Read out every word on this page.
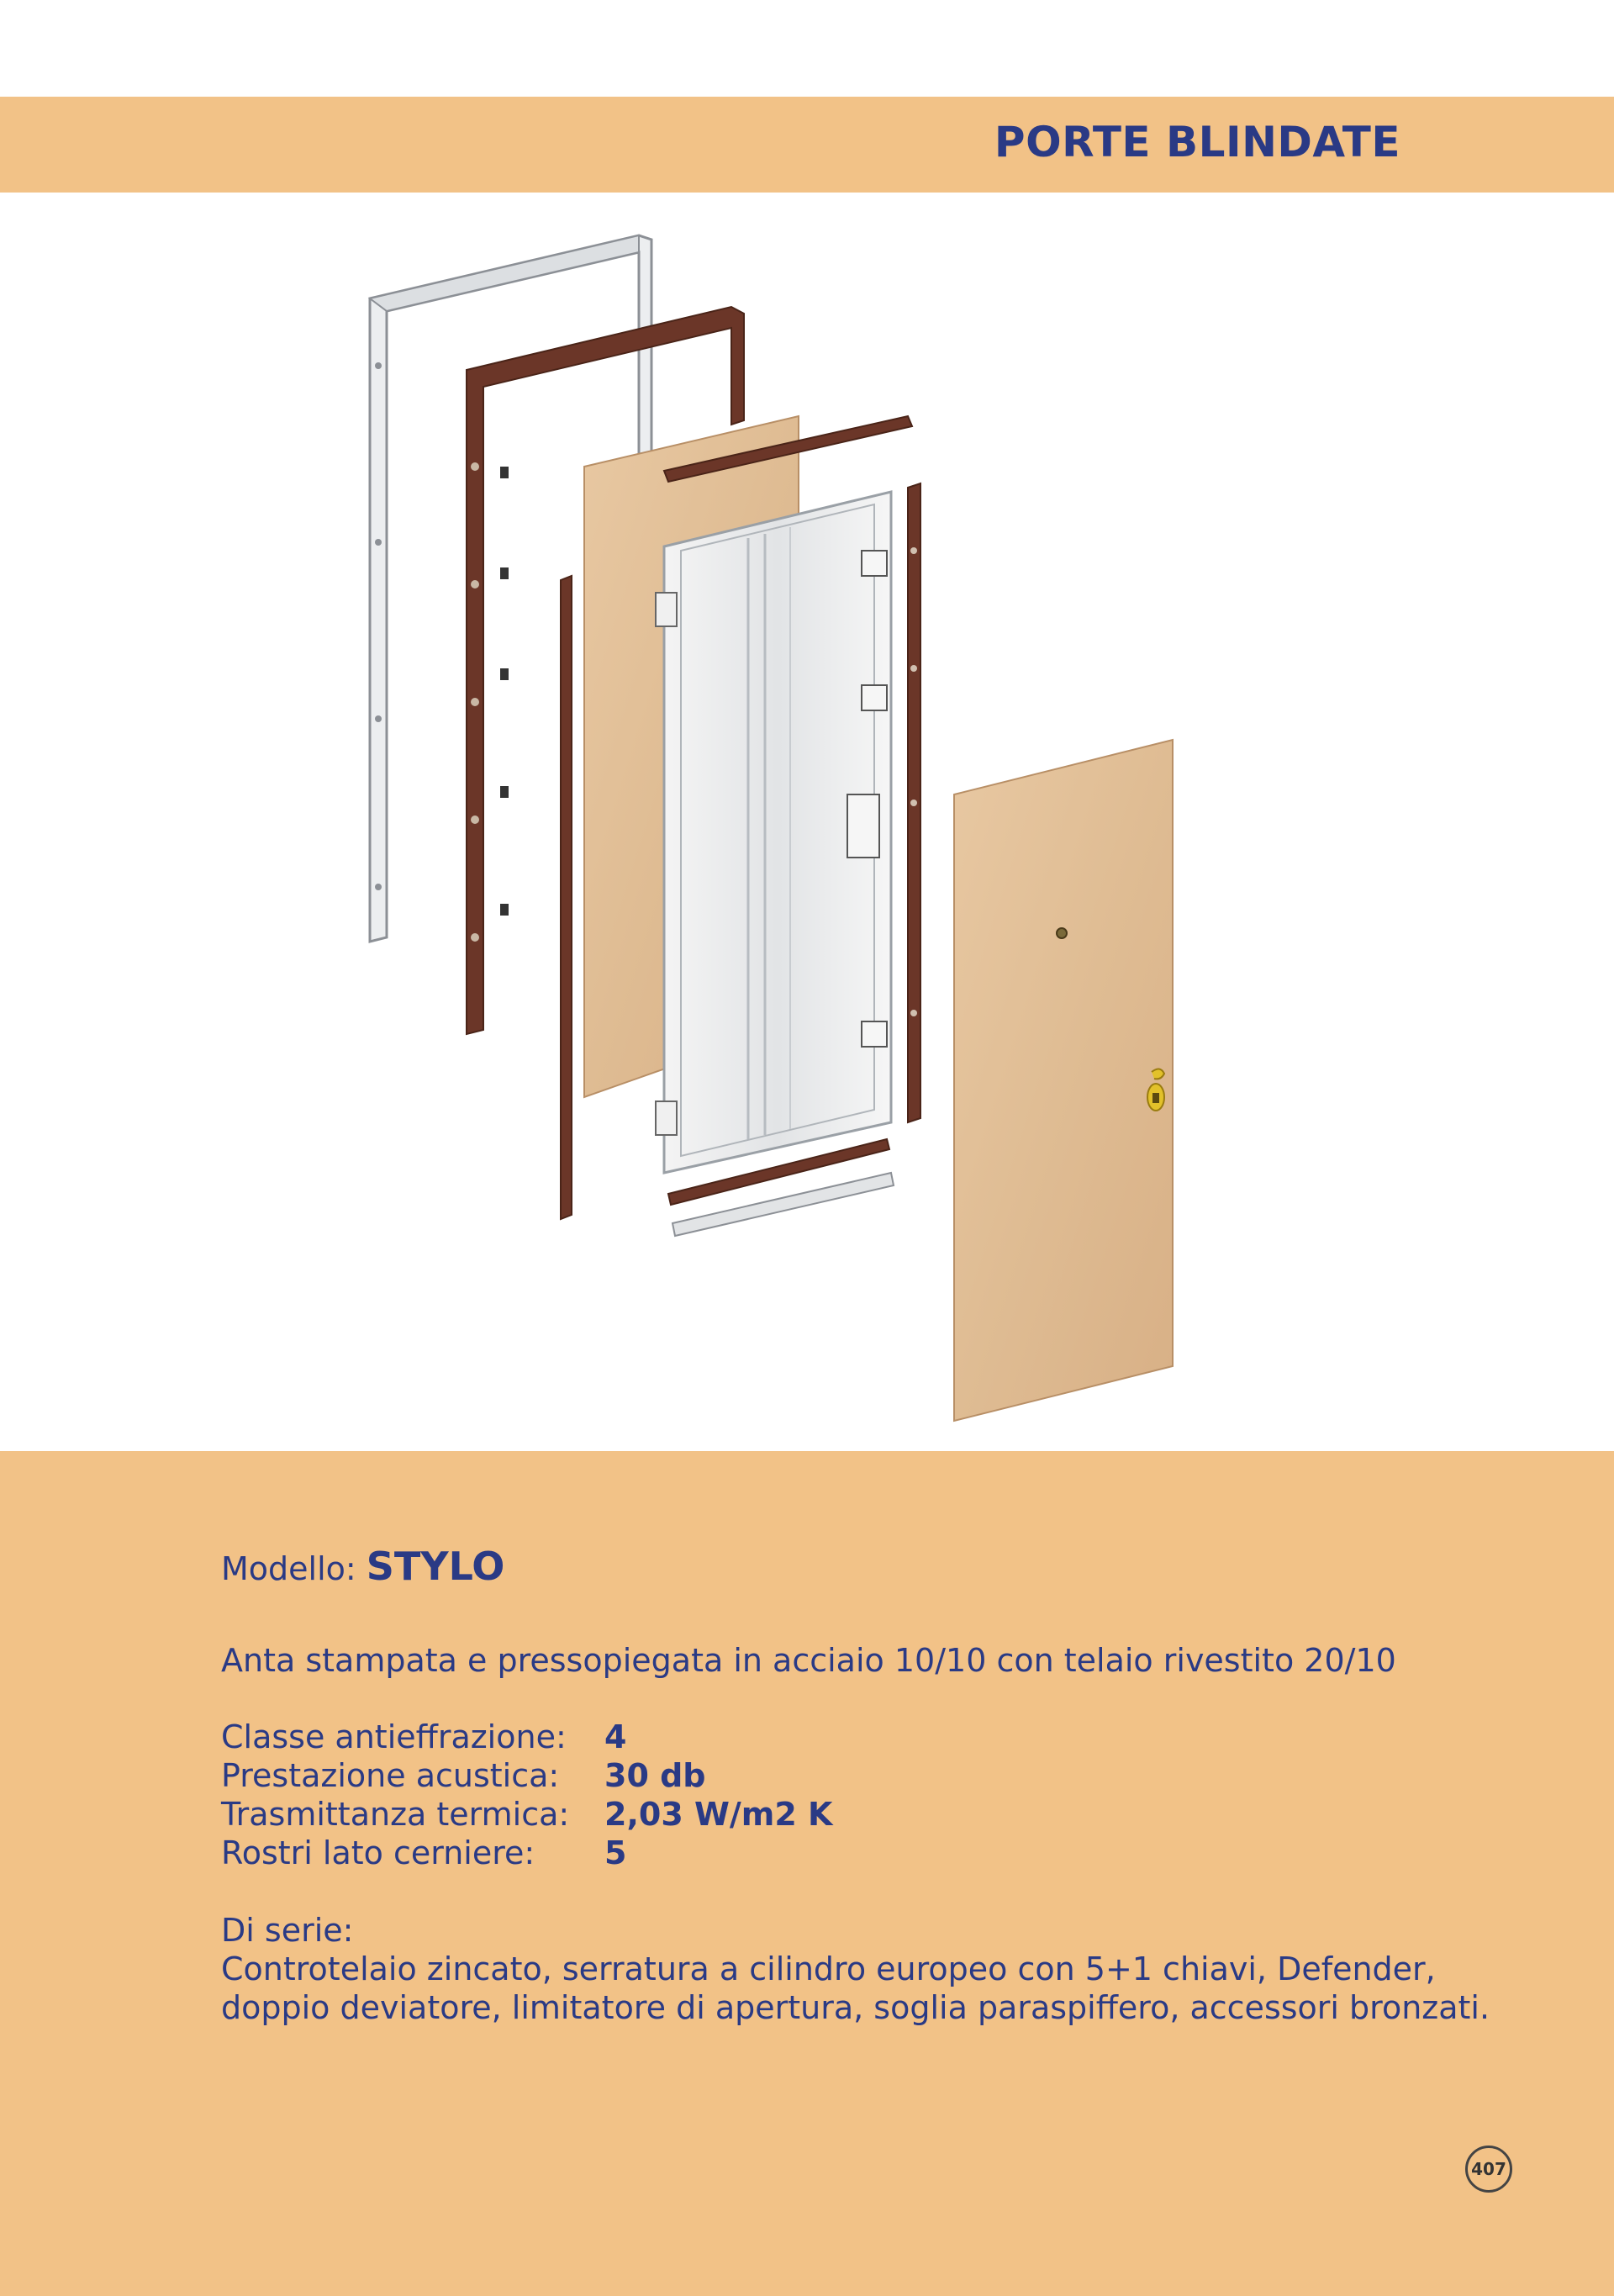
PORTE BLINDATE
Modello: STYLO
Anta stampata e pressopiegata in acciaio 10/10 con telaio rivestito 20/10
Classe antieffrazione: 4
Prestazione acustica: 30 db
Trasmittanza termica: 2,03 W/m2 K
Rostri lato cerniere: 5
Di serie:
Controtelaio zincato, serratura a cilindro europeo con 5+1 chiavi, Defender,
doppio deviatore, limitatore di apertura, soglia paraspiffero, accessori bronzati.
407
